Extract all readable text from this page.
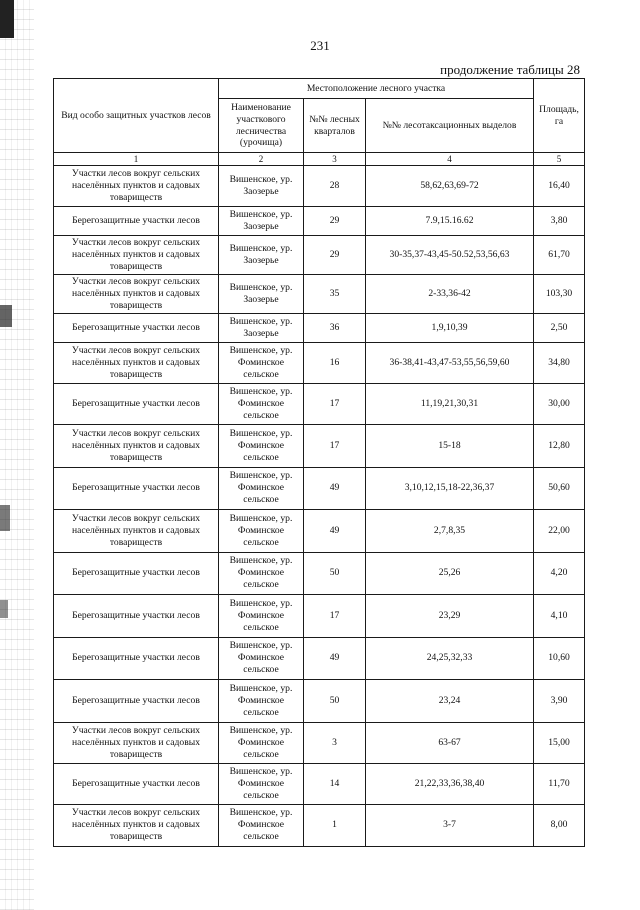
231
продолжение таблицы 28
Вид особо защитных участков лесов	Местоположение лесного участка			Площадь, га
	Наименование участкового лесничества (урочища)	№№ лесных кварталов	№№ лесотаксационных выделов	
1	2	3	4	5
Участки лесов вокруг сельских населённых пунктов и садовых товариществ	Вишенское, ур. Заозерье	28	58,62,63,69-72	16,40
Берегозащитные участки лесов	Вишенское, ур. Заозерье	29	7.9,15.16.62	3,80
Участки лесов вокруг сельских населённых пунктов и садовых товариществ	Вишенское, ур. Заозерье	29	30-35,37-43,45-50.52,53,56,63	61,70
Участки лесов вокруг сельских населённых пунктов и садовых товариществ	Вишенское, ур. Заозерье	35	2-33,36-42	103,30
Берегозащитные участки лесов	Вишенское, ур. Заозерье	36	1,9,10,39	2,50
Участки лесов вокруг сельских населённых пунктов и садовых товариществ	Вишенское, ур. Фоминское сельское	16	36-38,41-43,47-53,55,56,59,60	34,80
Берегозащитные участки лесов	Вишенское, ур. Фоминское сельское	17	11,19,21,30,31	30,00
Участки лесов вокруг сельских населённых пунктов и садовых товариществ	Вишенское, ур. Фоминское сельское	17	15-18	12,80
Берегозащитные участки лесов	Вишенское, ур. Фоминское сельское	49	3,10,12,15,18-22,36,37	50,60
Участки лесов вокруг сельских населённых пунктов и садовых товариществ	Вишенское, ур. Фоминское сельское	49	2,7,8,35	22,00
Берегозащитные участки лесов	Вишенское, ур. Фоминское сельское	50	25,26	4,20
Берегозащитные участки лесов	Вишенское, ур. Фоминское сельское	17	23,29	4,10
Берегозащитные участки лесов	Вишенское, ур. Фоминское сельское	49	24,25,32,33	10,60
Берегозащитные участки лесов	Вишенское, ур. Фоминское сельское	50	23,24	3,90
Участки лесов вокруг сельских населённых пунктов и садовых товариществ	Вишенское, ур. Фоминское сельское	3	63-67	15,00
Берегозащитные участки лесов	Вишенское, ур. Фоминское сельское	14	21,22,33,36,38,40	11,70
Участки лесов вокруг сельских населённых пунктов и садовых товариществ	Вишенское, ур. Фоминское сельское	1	3-7	8,00
